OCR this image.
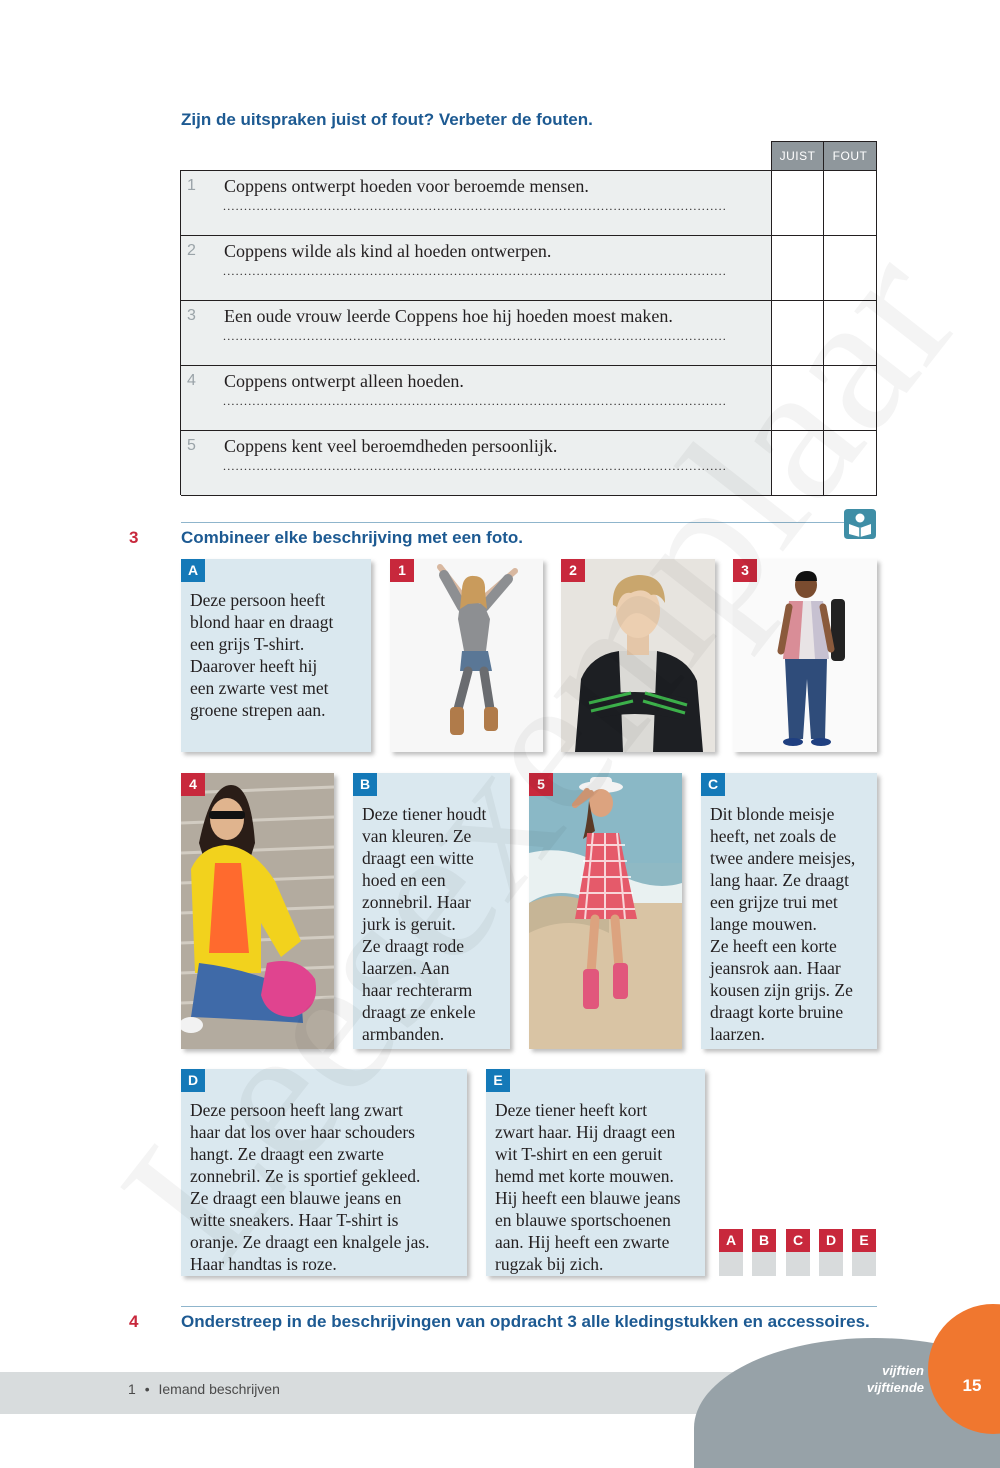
Zijn de uitspraken juist of fout? Verbeter de fouten.
JUIST	FOUT
1 Coppens ontwerpt hoeden voor beroemde mensen.
........................................................................................................................
2 Coppens wilde als kind al hoeden ontwerpen.
........................................................................................................................
3 Een oude vrouw leerde Coppens hoe hij hoeden moest maken.
........................................................................................................................
4 Coppens ontwerpt alleen hoeden.
........................................................................................................................
5 Coppens kent veel beroemdheden persoonlijk.
........................................................................................................................
3	Combineer elke beschrijving met een foto.
A
Deze persoon heeft
blond haar en draagt
een grijs T-shirt.
Daarover heeft hij
een zwarte vest met
groene strepen aan.
1	2	3
4	B
Deze tiener houdt
van kleuren. Ze
draagt een witte
hoed en een
zonnebril. Haar
jurk is geruit.
Ze draagt rode
laarzen. Aan
haar rechterarm
draagt ze enkele
armbanden.
5	C
Dit blonde meisje
heeft, net zoals de
twee andere meisjes,
lang haar. Ze draagt
een grijze trui met
lange mouwen.
Ze heeft een korte
jeansrok aan. Haar
kousen zijn grijs. Ze
draagt korte bruine
laarzen.
D
Deze persoon heeft lang zwart
haar dat los over haar schouders
hangt. Ze draagt een zwarte
zonnebril. Ze is sportief gekleed.
Ze draagt een blauwe jeans en
witte sneakers. Haar T-shirt is
oranje. Ze draagt een knalgele jas.
Haar handtas is roze.
E
Deze tiener heeft kort
zwart haar. Hij draagt een
wit T-shirt en een geruit
hemd met korte mouwen.
Hij heeft een blauwe jeans
en blauwe sportschoenen
aan. Hij heeft een zwarte
rugzak bij zich.
A	B	C	D	E
4	Onderstreep in de beschrijvingen van opdracht 3 alle kledingstukken en accessoires.
1 • Iemand beschrijven
vijftien
vijftiende	15
